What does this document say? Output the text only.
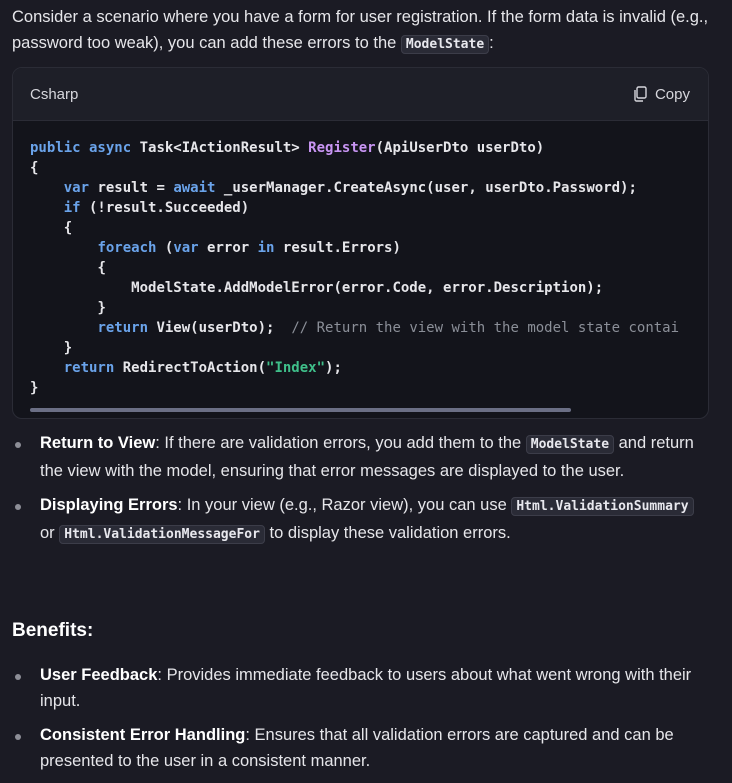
Consider a scenario where you have a form for user registration. If the form data is invalid (e.g., password too weak), you can add these errors to the ModelState :

Csharp	Copy
public async Task<IActionResult> Register(ApiUserDto userDto)
{
var result = await _userManager.CreateAsync(user, userDto.Password);
if (!result.Succeeded)
{
foreach (var error in result.Errors)
{
ModelState.AddModelError(error.Code, error.Description);
}
return View(userDto);  // Return the view with the model state contai
}
return RedirectToAction("Index");
}
Return to View: If there are validation errors, you add them to the ModelState and return the view with the model, ensuring that error messages are displayed to the user.
Displaying Errors: In your view (e.g., Razor view), you can use Html.ValidationSummary or Html.ValidationMessageFor to display these validation errors.
Benefits:
User Feedback: Provides immediate feedback to users about what went wrong with their input.
Consistent Error Handling: Ensures that all validation errors are captured and can be presented to the user in a consistent manner.
